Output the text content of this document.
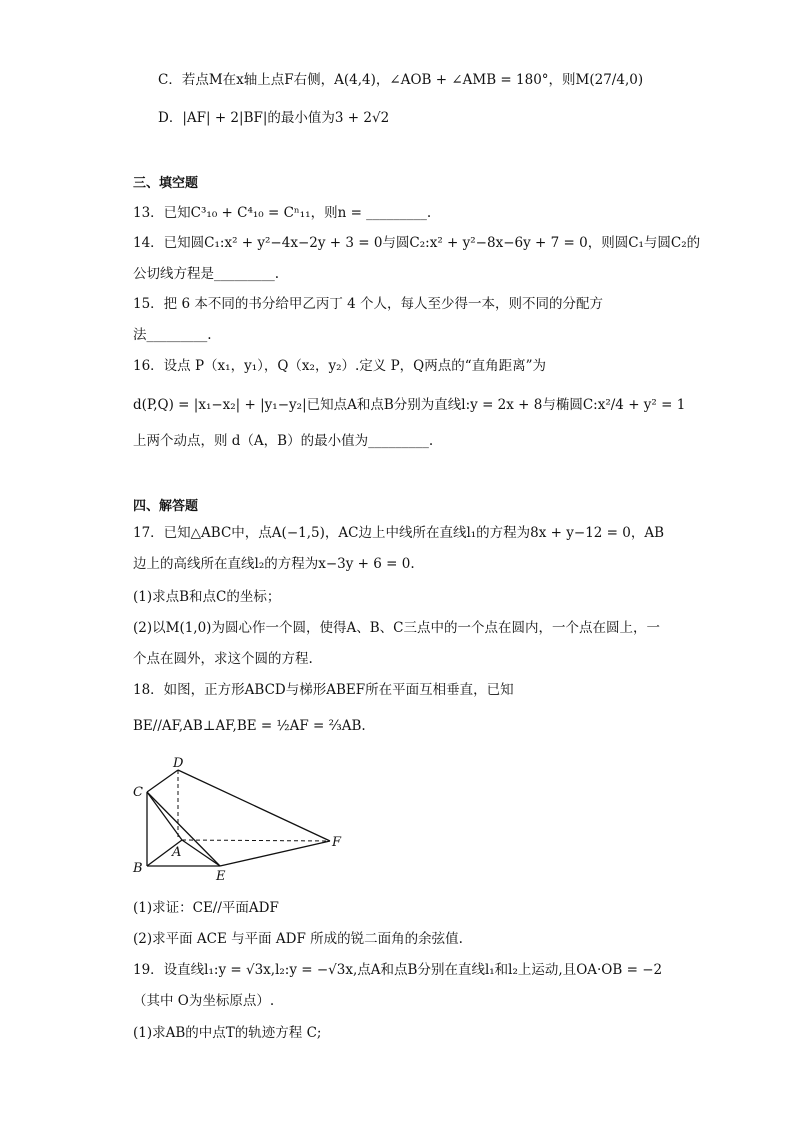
C．若点M在x轴上点F右侧，A(4,4)，∠AOB + ∠AMB = 180°，则M(27/4,0)
D．|AF| + 2|BF|的最小值为3 + 2√2
三、填空题
13．已知C³₁₀ + C⁴₁₀ = Cⁿ₁₁，则n = _________.
14．已知圆C₁:x² + y²−4x−2y + 3 = 0与圆C₂:x² + y²−8x−6y + 7 = 0，则圆C₁与圆C₂的
公切线方程是_________.
15．把 6 本不同的书分给甲乙丙丁 4 个人，每人至少得一本，则不同的分配方
法_________.
16．设点 P（x₁，y₁），Q（x₂，y₂）.定义 P，Q两点的“直角距离”为
d(P,Q) = |x₁−x₂| + |y₁−y₂|已知点A和点B分别为直线l:y = 2x + 8与椭圆C:x²/4 + y² = 1
上两个动点，则 d（A，B）的最小值为_________.
四、解答题
17．已知△ABC中，点A(−1,5)，AC边上中线所在直线l₁的方程为8x + y−12 = 0，AB
边上的高线所在直线l₂的方程为x−3y + 6 = 0.
(1)求点B和点C的坐标；
(2)以M(1,0)为圆心作一个圆，使得A、B、C三点中的一个点在圆内，一个点在圆上，一
个点在圆外，求这个圆的方程.
18．如图，正方形ABCD与梯形ABEF所在平面互相垂直，已知
BE//AF,AB⊥AF,BE = ½AF = ⅔AB.
D
C
A
B
E
F
(1)求证：CE//平面ADF
(2)求平面 ACE 与平面 ADF 所成的锐二面角的余弦值.
19．设直线l₁:y = √3x,l₂:y = −√3x,点A和点B分别在直线l₁和l₂上运动,且OA·OB = −2
（其中 O为坐标原点）.
(1)求AB的中点T的轨迹方程 C;
